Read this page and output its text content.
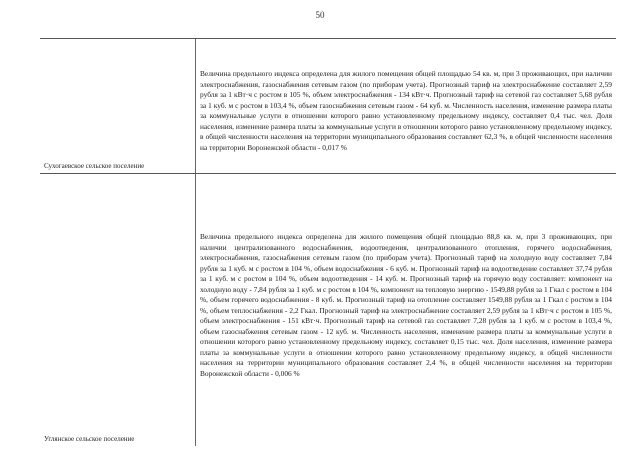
50
Сухогаевское сельское поселение
Величина предельного индекса определена для жилого помещения общей площадью 54 кв. м, при 3 проживающих, при наличии электроснабжения, газоснабжения сетевым газом (по приборам учета). Прогнозный тариф на электроснабжение составляет 2,59 рубля за 1 кВт·ч с ростом в 105 %, объем электроснабжения - 134 кВт·ч. Прогнозный тариф на сетевой газ составляет 5,68 рубля за 1 куб. м с ростом в 103,4 %, объем газоснабжения сетевым газом - 64 куб. м. Численность населения, изменение размера платы за коммунальные услуги в отношении которого равно установленному предельному индексу, составляет 0,4 тыс. чел. Доля населения, изменение размера платы за коммунальные услуги в отношении которого равно установленному предельному индексу, в общей численности населения на территории муниципального образования составляет 62,3 %, в общей численности населения на территории Воронежской области - 0,017 %
Углянское сельское поселение
Величина предельного индекса определена для жилого помещения общей площадью 88,8 кв. м, при 3 проживающих, при наличии централизованного водоснабжения, водоотведения, централизованного отопления, горячего водоснабжения, электроснабжения, газоснабжения сетевым газом (по приборам учета). Прогнозный тариф на холодную воду составляет 7,84 рубля за 1 куб. м с ростом в 104 %, объем водоснабжения - 6 куб. м. Прогнозный тариф на водоотведение составляет 37,74 рубля за 1 куб. м с ростом в 104 %, объем водоотведения - 14 куб. м. Прогнозный тариф на горячую воду составляет: компонент на холодную воду - 7,84 рубля за 1 куб. м с ростом в 104 %, компонент на тепловую энергию - 1549,88 рубля за 1 Гкал с ростом в 104 %, объем горячего водоснабжения - 8 куб. м. Прогнозный тариф на отопление составляет 1549,88 рубля за 1 Гкал с ростом в 104 %, объем теплоснабжения - 2,2 Гкал. Прогнозный тариф на электроснабжение составляет 2,59 рубля за 1 кВт·ч с ростом в 105 %, объем электроснабжения - 151 кВт·ч. Прогнозный тариф на сетевой газ составляет 7,28 рубля за 1 куб. м с ростом в 103,4 %, объем газоснабжения сетевым газом - 12 куб. м. Численность населения, изменение размера платы за коммунальные услуги в отношении которого равно установленному предельному индексу, составляет 0,15 тыс. чел. Доля населения, изменение размера платы за коммунальные услуги в отношении которого равно установленному предельному индексу, в общей численности населения на территории муниципального образования составляет 2,4 %, в общей численности населения на территории Воронежской области - 0,006 %
